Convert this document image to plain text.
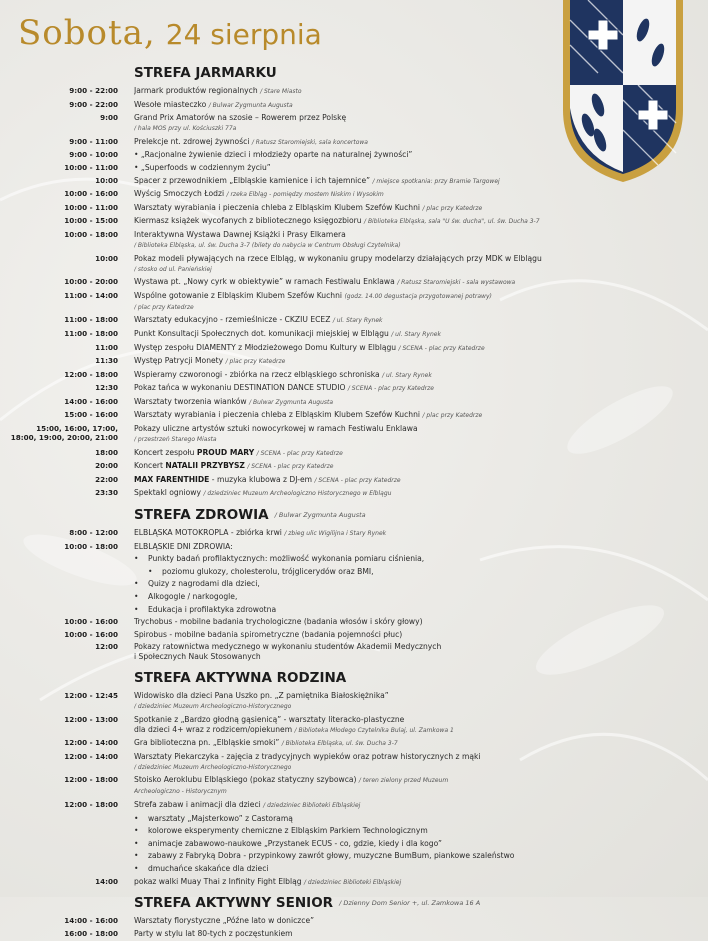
Sobota, 24 sierpnia
STREFA JARMARKU
9:00 - 22:00 Jarmark produktów regionalnych / Stare Miasto
9:00 - 22:00 Wesołe miasteczko / Bulwar Zygmunta Augusta
9:00 Grand Prix Amatorów na szosie – Rowerem przez Polskę
/ hala MOS przy ul. Kościuszki 77a
9:00 - 11:00 Prelekcje nt. zdrowej żywności / Ratusz Staromiejski, sala koncertowa
9:00 - 10:00 • „Racjonalne żywienie dzieci i młodzieży oparte na naturalnej żywności”
10:00 - 11:00 • „Superfoods w codziennym życiu”
10:00 Spacer z przewodnikiem „Elbląskie kamienice i ich tajemnice” / miejsce spotkania: przy Bramie Targowej
10:00 - 16:00 Wyścig Smoczych Łodzi / rzeka Elbląg - pomiędzy mostem Niskim i Wysokim
10:00 - 11:00 Warsztaty wyrabiania i pieczenia chleba z Elbląskim Klubem Szefów Kuchni / plac przy Katedrze
10:00 - 15:00 Kiermasz książek wycofanych z bibliotecznego księgozbioru / Biblioteka Elbląska, sala "U św. ducha", ul. św. Ducha 3-7
10:00 - 18:00 Interaktywna Wystawa Dawnej Książki i Prasy Elkamera
/ Biblioteka Elbląska, ul. św. Ducha 3-7 (bilety do nabycia w Centrum Obsługi Czytelnika)
10:00 Pokaz modeli pływających na rzece Elbląg, w wykonaniu grupy modelarzy działających przy MDK w Elblągu
/ stosko od ul. Panieńskiej
10:00 - 20:00 Wystawa pt. „Nowy cyrk w obiektywie” w ramach Festiwalu Enklawa / Ratusz Staromiejski - sala wystawowa
11:00 - 14:00 Wspólne gotowanie z Elbląskim Klubem Szefów Kuchni (godz. 14.00 degustacja przygotowanej potrawy)
/ plac przy Katedrze
11:00 - 18:00 Warsztaty edukacyjno - rzemieślnicze - CKZIU ECEZ / ul. Stary Rynek
11:00 - 18:00 Punkt Konsultacji Społecznych dot. komunikacji miejskiej w Elblągu / ul. Stary Rynek
11:00 Występ zespołu DIAMENTY z Młodzieżowego Domu Kultury w Elblągu / SCENA - plac przy Katedrze
11:30 Występ Patrycji Monety / plac przy Katedrze
12:00 - 18:00 Wspieramy czworonogi - zbiórka na rzecz elbląskiego schroniska / ul. Stary Rynek
12:30 Pokaz tańca w wykonaniu DESTINATION DANCE STUDIO / SCENA - plac przy Katedrze
14:00 - 16:00 Warsztaty tworzenia wianków / Bulwar Zygmunta Augusta
15:00 - 16:00 Warsztaty wyrabiania i pieczenia chleba z Elbląskim Klubem Szefów Kuchni / plac przy Katedrze
15:00, 16:00, 17:00,
18:00, 19:00, 20:00, 21:00
Pokazy uliczne artystów sztuki nowocyrkowej w ramach Festiwalu Enklawa
/ przestrzeń Starego Miasta
18:00 Koncert zespołu PROUD MARY / SCENA - plac przy Katedrze
20:00 Koncert NATALII PRZYBYSZ / SCENA - plac przy Katedrze
22:00 MAX FARENTHIDE - muzyka klubowa z DJ-em / SCENA - plac przy Katedrze
23:30 Spektakl ogniowy / dziedziniec Muzeum Archeologiczno Historycznego w Elblągu
STREFA ZDROWIA / Bulwar Zygmunta Augusta
8:00 - 12:00 ELBLĄSKA MOTOKROPLA - zbiórka krwi / zbieg ulic Wigilijna i Stary Rynek
10:00 - 18:00 ELBLĄSKIE DNI ZDROWIA:
• Punkty badań profilaktycznych: możliwość wykonania pomiaru ciśnienia,
• poziomu glukozy, cholesterolu, trójglicerydów oraz BMI,
• Quizy z nagrodami dla dzieci,
• Alkogogle / narkogogle,
• Edukacja i profilaktyka zdrowotna
10:00 - 16:00 Trychobus - mobilne badania trychologiczne (badania włosów i skóry głowy)
10:00 - 16:00 Spirobus - mobilne badania spirometryczne (badania pojemności płuc)
12:00 Pokazy ratownictwa medycznego w wykonaniu studentów Akademii Medycznych
i Społecznych Nauk Stosowanych
STREFA AKTYWNA RODZINA
12:00 - 12:45 Widowisko dla dzieci Pana Uszko pn. „Z pamiętnika Białoskiężnika”
/ dziedziniec Muzeum Archeologiczno-Historycznego
12:00 - 13:00 Spotkanie z „Bardzo głodną gąsienicą” - warsztaty literacko-plastyczne
dla dzieci 4+ wraz z rodzicem/opiekunem / Biblioteka Młodego Czytelnika Bulaj, ul. Zamkowa 1
12:00 - 14:00 Gra biblioteczna pn. „Elbląskie smoki” / Biblioteka Elbląska, ul. św. Ducha 3-7
12:00 - 14:00 Warsztaty Piekarczyka - zajęcia z tradycyjnych wypieków oraz potraw historycznych z mąki
/ dziedziniec Muzeum Archeologiczno-Historycznego
12:00 - 18:00 Stoisko Aeroklubu Elbląskiego (pokaz statyczny szybowca) / teren zielony przed Muzeum
Archeologiczno - Historycznym
12:00 - 18:00 Strefa zabaw i animacji dla dzieci / dziedziniec Biblioteki Elbląskiej
• warsztaty „Majsterkowo” z Castoramą
• kolorowe eksperymenty chemiczne z Elbląskim Parkiem Technologicznym
• animacje zabawowo-naukowe „Przystanek ECUS - co, gdzie, kiedy i dla kogo”
• zabawy z Fabryką Dobra - przypinkowy zawrót głowy, muzyczne BumBum, piankowe szaleństwo
• dmuchańce skakańce dla dzieci
14:00 pokaz walki Muay Thai z Infinity Fight Elbląg / dziedziniec Biblioteki Elbląskiej
STREFA AKTYWNY SENIOR / Dzienny Dom Senior +, ul. Zamkowa 16 A
14:00 - 16:00 Warsztaty florystyczne „Późne lato w doniczce”
16:00 - 18:00 Party w stylu lat 80-tych z poczęstunkiem
